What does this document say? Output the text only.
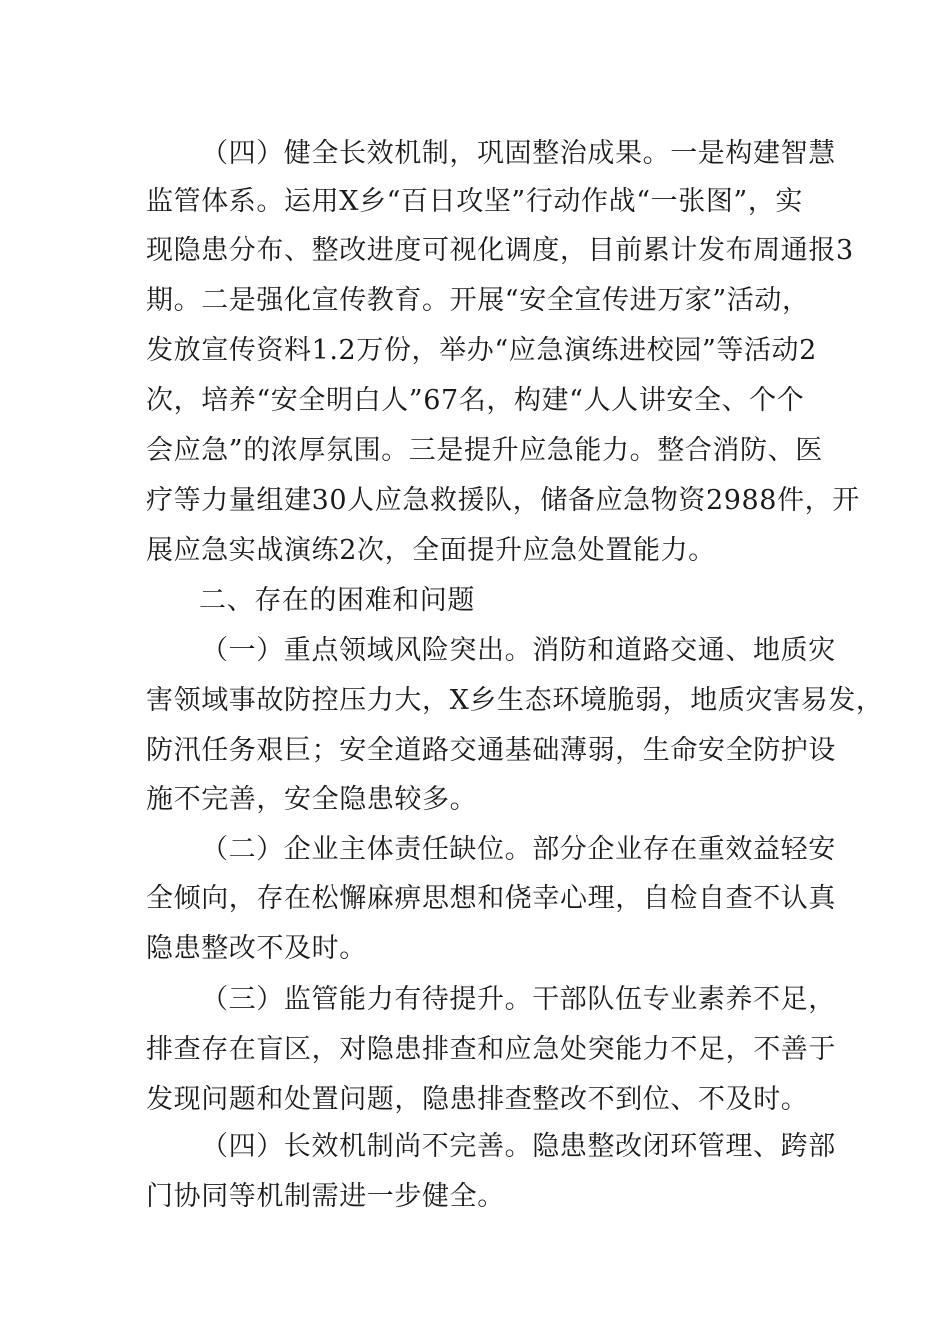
（四）健全长效机制，巩固整治成果。一是构建智慧
监管体系。运用X乡“百日攻坚”行动作战“一张图”，实
现隐患分布、整改进度可视化调度，目前累计发布周通报3
期。二是强化宣传教育。开展“安全宣传进万家”活动，
发放宣传资料1.2万份，举办“应急演练进校园”等活动2
次，培养“安全明白人”67名，构建“人人讲安全、个个
会应急”的浓厚氛围。三是提升应急能力。整合消防、医
疗等力量组建30人应急救援队，储备应急物资2988件，开
展应急实战演练2次，全面提升应急处置能力。
二、存在的困难和问题
（一）重点领域风险突出。消防和道路交通、地质灾
害领域事故防控压力大，X乡生态环境脆弱，地质灾害易发，
防汛任务艰巨；安全道路交通基础薄弱，生命安全防护设
施不完善，安全隐患较多。
（二）企业主体责任缺位。部分企业存在重效益轻安
全倾向，存在松懈麻痹思想和侥幸心理，自检自查不认真
隐患整改不及时。
（三）监管能力有待提升。干部队伍专业素养不足，
排查存在盲区，对隐患排查和应急处突能力不足，不善于
发现问题和处置问题，隐患排查整改不到位、不及时。
（四）长效机制尚不完善。隐患整改闭环管理、跨部
门协同等机制需进一步健全。
